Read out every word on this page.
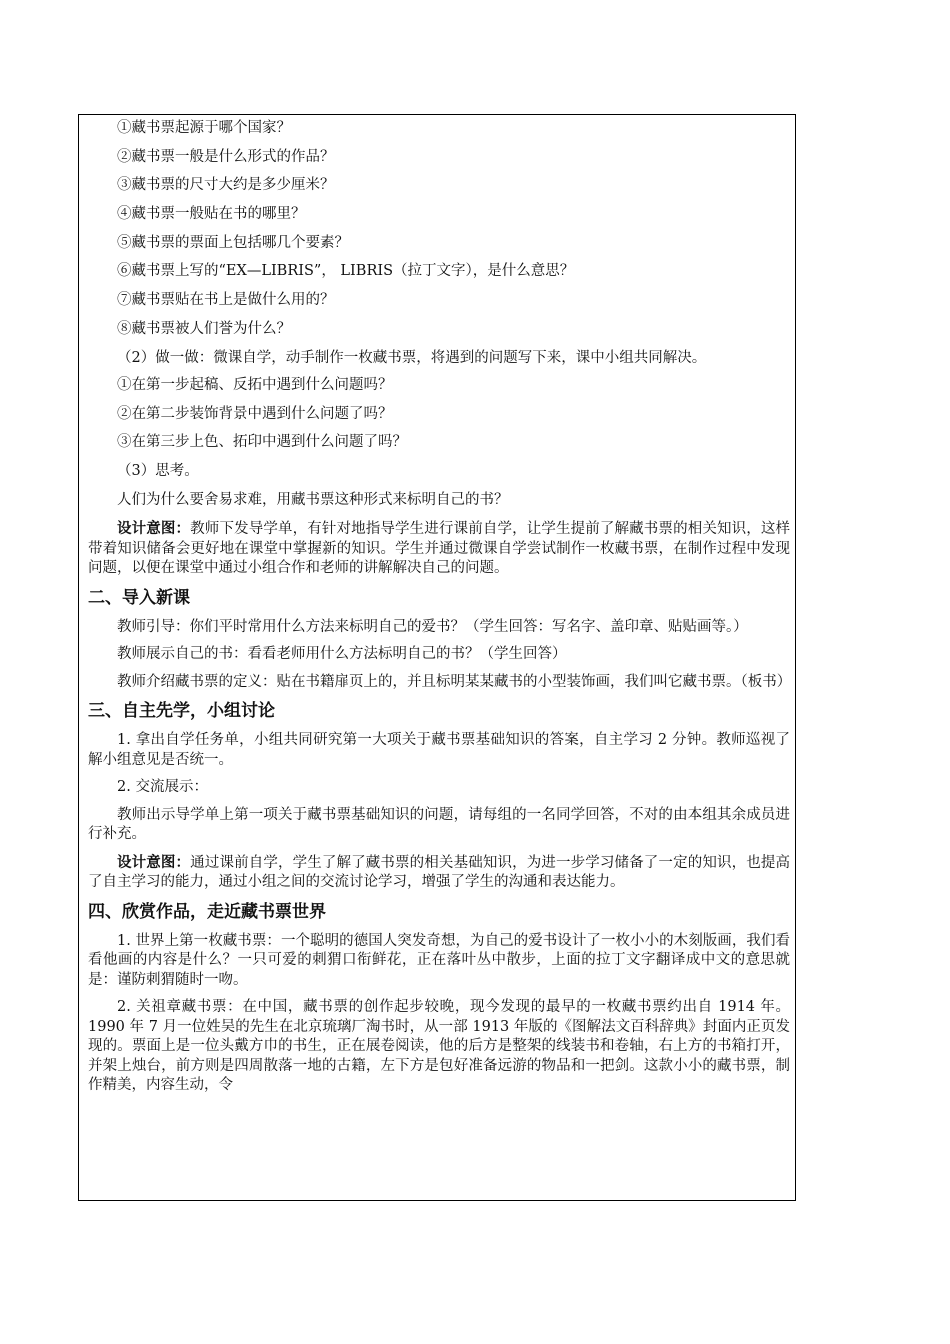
①藏书票起源于哪个国家？

②藏书票一般是什么形式的作品？

③藏书票的尺寸大约是多少厘米？

④藏书票一般贴在书的哪里？

⑤藏书票的票面上包括哪几个要素？

⑥藏书票上写的“EX—LIBRIS”， LIBRIS（拉丁文字），是什么意思？

⑦藏书票贴在书上是做什么用的？

⑧藏书票被人们誉为什么？

（2）做一做：微课自学，动手制作一枚藏书票，将遇到的问题写下来，课中小组共同解决。

①在第一步起稿、反拓中遇到什么问题吗？

②在第二步装饰背景中遇到什么问题了吗？

③在第三步上色、拓印中遇到什么问题了吗？

（3）思考。

人们为什么要舍易求难，用藏书票这种形式来标明自己的书？

设计意图：教师下发导学单，有针对地指导学生进行课前自学，让学生提前了解藏书票的相关知识，这样带着知识储备会更好地在课堂中掌握新的知识。学生并通过微课自学尝试制作一枚藏书票，在制作过程中发现问题，以便在课堂中通过小组合作和老师的讲解解决自己的问题。

二、导入新课

教师引导：你们平时常用什么方法来标明自己的爱书？（学生回答：写名字、盖印章、贴贴画等。）

教师展示自己的书：看看老师用什么方法标明自己的书？（学生回答）

教师介绍藏书票的定义：贴在书籍扉页上的，并且标明某某藏书的小型装饰画，我们叫它藏书票。（板书）

三、自主先学，小组讨论

1. 拿出自学任务单，小组共同研究第一大项关于藏书票基础知识的答案，自主学习 2 分钟。教师巡视了解小组意见是否统一。

2. 交流展示：

教师出示导学单上第一项关于藏书票基础知识的问题，请每组的一名同学回答，不对的由本组其余成员进行补充。

设计意图：通过课前自学，学生了解了藏书票的相关基础知识，为进一步学习储备了一定的知识，也提高了自主学习的能力，通过小组之间的交流讨论学习，增强了学生的沟通和表达能力。

四、欣赏作品，走近藏书票世界

1. 世界上第一枚藏书票：一个聪明的德国人突发奇想，为自己的爱书设计了一枚小小的木刻版画，我们看看他画的内容是什么？一只可爱的刺猬口衔鲜花，正在落叶丛中散步，上面的拉丁文字翻译成中文的意思就是：谨防刺猬随时一吻。

2. 关祖章藏书票：在中国，藏书票的创作起步较晚，现今发现的最早的一枚藏书票约出自 1914 年。1990 年 7 月一位姓吴的先生在北京琉璃厂淘书时，从一部 1913 年版的《图解法文百科辞典》封面内正页发现的。票面上是一位头戴方巾的书生，正在展卷阅读，他的后方是整架的线装书和卷轴，右上方的书箱打开，并架上烛台，前方则是四周散落一地的古籍，左下方是包好准备远游的物品和一把剑。这款小小的藏书票，制作精美，内容生动，令
